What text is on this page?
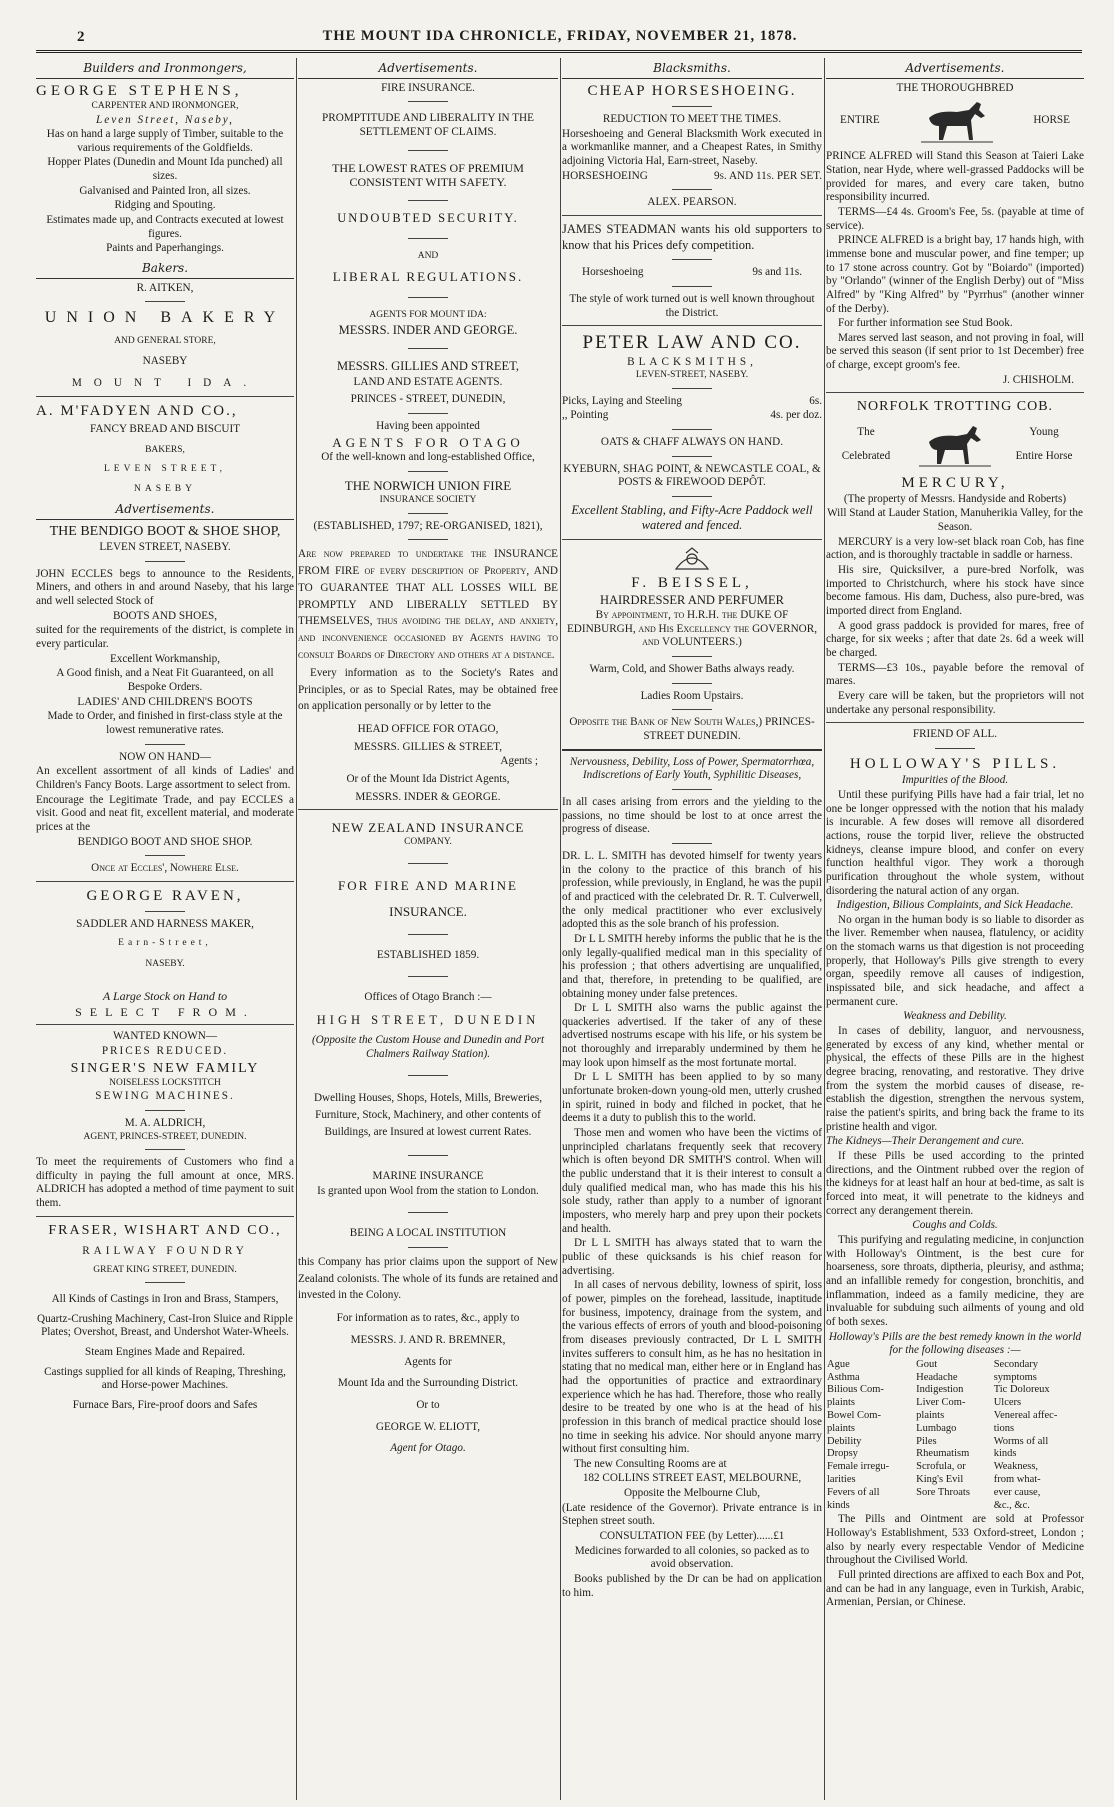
2	THE MOUNT IDA CHRONICLE, FRIDAY, NOVEMBER 21, 1878.
Builders and Ironmongers,

GEORGE STEPHENS,

CARPENTER AND IRONMONGER,

Leven Street, Naseby,

Has on hand a large supply of Timber, suitable to the various requirements of the Goldfields.

Hopper Plates (Dunedin and Mount Ida punched) all sizes.

Galvanised and Painted Iron, all sizes.

Ridging and Spouting.

Estimates made up, and Contracts executed at lowest figures.

Paints and Paperhangings.

Bakers.

R. AITKEN,

UNION BAKERY

AND GENERAL STORE,

NASEBY

MOUNT IDA.

A. M'FADYEN AND CO.,

FANCY BREAD AND BISCUIT

BAKERS,

LEVEN STREET,

NASEBY

Advertisements.

THE BENDIGO BOOT & SHOE SHOP,

LEVEN STREET, NASEBY.

JOHN ECCLES begs to announce to the Residents, Miners, and others in and around Naseby, that his large and well selected Stock of

BOOTS AND SHOES,

suited for the requirements of the district, is complete in every particular.

Excellent Workmanship,

A Good finish, and a Neat Fit Guaranteed, on all Bespoke Orders.

LADIES' AND CHILDREN'S BOOTS

Made to Order, and finished in first-class style at the lowest remunerative rates.

NOW ON HAND—

An excellent assortment of all kinds of Ladies' and Children's Fancy Boots. Large assortment to select from.

Encourage the Legitimate Trade, and pay ECCLES a visit. Good and neat fit, excellent material, and moderate prices at the

BENDIGO BOOT AND SHOE SHOP.

Once at Eccles', Nowhere Else.

GEORGE RAVEN,

SADDLER AND HARNESS MAKER,

Earn-Street,

NASEBY.

A Large Stock on Hand to

SELECT FROM.

WANTED KNOWN—

PRICES REDUCED.

SINGER'S NEW FAMILY

NOISELESS LOCKSTITCH

SEWING MACHINES.

M. A. ALDRICH,

AGENT, PRINCES-STREET, DUNEDIN.

To meet the requirements of Customers who find a difficulty in paying the full amount at once, MRS. ALDRICH has adopted a method of time payment to suit them.

FRASER, WISHART AND CO.,

RAILWAY FOUNDRY

GREAT KING STREET, DUNEDIN.

All Kinds of Castings in Iron and Brass, Stampers,

Quartz-Crushing Machinery, Cast-Iron Sluice and Ripple Plates; Overshot, Breast, and Undershot Water-Wheels.

Steam Engines Made and Repaired.

Castings supplied for all kinds of Reaping, Threshing, and Horse-power Machines.

Furnace Bars, Fire-proof doors and Safes

Advertisements.

FIRE INSURANCE.

PROMPTITUDE AND LIBERALITY IN THE SETTLEMENT OF CLAIMS.

THE LOWEST RATES OF PREMIUM CONSISTENT WITH SAFETY.

UNDOUBTED SECURITY.

AND

LIBERAL REGULATIONS.

AGENTS FOR MOUNT IDA:

MESSRS. INDER AND GEORGE.

MESSRS. GILLIES AND STREET,

LAND AND ESTATE AGENTS.

PRINCES - STREET, DUNEDIN,

Having been appointed

AGENTS FOR OTAGO

Of the well-known and long-established Office,

THE NORWICH UNION FIRE

INSURANCE SOCIETY

(ESTABLISHED, 1797; RE-ORGANISED, 1821),

Are now prepared to undertake the INSURANCE FROM FIRE of every description of Property, AND TO GUARANTEE THAT ALL LOSSES WILL BE PROMPTLY AND LIBERALLY SETTLED BY THEMSELVES, thus avoiding the delay, and anxiety, and inconvenience occasioned by Agents having to consult Boards of Directory and others at a distance.

Every information as to the Society's Rates and Principles, or as to Special Rates, may be obtained free on application personally or by letter to the

HEAD OFFICE FOR OTAGO,

MESSRS. GILLIES & STREET,

Agents ;

Or of the Mount Ida District Agents,

MESSRS. INDER & GEORGE.

NEW ZEALAND INSURANCE

COMPANY.

FOR FIRE AND MARINE

INSURANCE.

ESTABLISHED 1859.

Offices of Otago Branch :—

HIGH STREET, DUNEDIN

(Opposite the Custom House and Dunedin and Port Chalmers Railway Station).

Dwelling Houses, Shops, Hotels, Mills, Breweries, Furniture, Stock, Machinery, and other contents of Buildings, are Insured at lowest current Rates.

MARINE INSURANCE

Is granted upon Wool from the station to London.

BEING A LOCAL INSTITUTION

this Company has prior claims upon the support of New Zealand colonists. The whole of its funds are retained and invested in the Colony.

For information as to rates, &c., apply to

MESSRS. J. AND R. BREMNER,

Agents for

Mount Ida and the Surrounding District.

Or to

GEORGE W. ELIOTT,

Agent for Otago.

Blacksmiths.

CHEAP HORSESHOEING.

REDUCTION TO MEET THE TIMES.

Horseshoeing and General Blacksmith Work executed in a workmanlike manner, and a Cheapest Rates, in Smithy adjoining Victoria Hal, Earn-street, Naseby.

HORSESHOEING	9s. AND 11s. PER SET.

ALEX. PEARSON.

JAMES STEADMAN wants his old supporters to know that his Prices defy competition.

Horseshoeing	9s and 11s.

The style of work turned out is well known throughout the District.

PETER LAW AND CO.

BLACKSMITHS,

LEVEN-STREET, NASEBY.

Picks, Laying and Steeling	6s.

,, Pointing	4s. per doz.

OATS & CHAFF ALWAYS ON HAND.

KYEBURN, SHAG POINT, & NEWCASTLE COAL, & POSTS & FIREWOOD DEPÔT.

Excellent Stabling, and Fifty-Acre Paddock well watered and fenced.

F. BEISSEL,

HAIRDRESSER AND PERFUMER

By appointment, to H.R.H. the DUKE OF EDINBURGH, and His Excellency the GOVERNOR, and VOLUNTEERS.)

Warm, Cold, and Shower Baths always ready.

Ladies Room Upstairs.

Opposite the Bank of New South Wales,) PRINCES-STREET DUNEDIN.

Nervousness, Debility, Loss of Power, Spermatorrhœa, Indiscretions of Early Youth, Syphilitic Diseases,

In all cases arising from errors and the yielding to the passions, no time should be lost to at once arrest the progress of disease.

DR. L. L. SMITH has devoted himself for twenty years in the colony to the practice of this branch of his profession, while previously, in England, he was the pupil of and practiced with the celebrated Dr. R. T. Culverwell, the only medical practitioner who ever exclusively adopted this as the sole branch of his profession.

Dr L L SMITH hereby informs the public that he is the only legally-qualified medical man in this speciality of his profession ; that others advertising are unqualified, and that, therefore, in pretending to be qualified, are obtaining money under false pretences.

Dr L L SMITH also warns the public against the quackeries advertised. If the taker of any of these advertised nostrums escape with his life, or his system be not thoroughly and irreparably undermined by them he may look upon himself as the most fortunate mortal.

Dr L L SMITH has been applied to by so many unfortunate broken-down young-old men, utterly crushed in spirit, ruined in body and filched in pocket, that he deems it a duty to publish this to the world.

Those men and women who have been the victims of unprincipled charlatans frequently seek that recovery which is often beyond DR SMITH'S control. When will the public understand that it is their interest to consult a duly qualified medical man, who has made this his his sole study, rather than apply to a number of ignorant imposters, who merely harp and prey upon their pockets and health.

Dr L L SMITH has always stated that to warn the public of these quicksands is his chief reason for advertising.

In all cases of nervous debility, lowness of spirit, loss of power, pimples on the forehead, lassitude, inaptitude for business, impotency, drainage from the system, and the various effects of errors of youth and blood-poisoning from diseases previously contracted, Dr L L SMITH invites sufferers to consult him, as he has no hesitation in stating that no medical man, either here or in England has had the opportunities of practice and extraordinary experience which he has had. Therefore, those who really desire to be treated by one who is at the head of his profession in this branch of medical practice should lose no time in seeking his advice. Nor should anyone marry without first consulting him.

The new Consulting Rooms are at

182 COLLINS STREET EAST, MELBOURNE,

Opposite the Melbourne Club,

(Late residence of the Governor). Private entrance is in Stephen street south.

CONSULTATION FEE (by Letter)......£1

Medicines forwarded to all colonies, so packed as to avoid observation.

Books published by the Dr can be had on application to him.

Advertisements.

THE THOROUGHBRED

ENTIRE	HORSE

PRINCE ALFRED will Stand this Season at Taieri Lake Station, near Hyde, where well-grassed Paddocks will be provided for mares, and every care taken, butno responsibility incurred.

TERMS—£4 4s. Groom's Fee, 5s. (payable at time of service).

PRINCE ALFRED is a bright bay, 17 hands high, with immense bone and muscular power, and fine temper; up to 17 stone across country. Got by "Boiardo" (imported) by "Orlando" (winner of the English Derby) out of "Miss Alfred" by "King Alfred" by "Pyrrhus" (another winner of the Derby).

For further information see Stud Book.

Mares served last season, and not proving in foal, will be served this season (if sent prior to 1st December) free of charge, except groom's fee.

J. CHISHOLM.

NORFOLK TROTTING COB.

The

Celebrated

Young

Entire Horse

MERCURY,

(The property of Messrs. Handyside and Roberts)

Will Stand at Lauder Station, Manuherikia Valley, for the Season.

MERCURY is a very low-set black roan Cob, has fine action, and is thoroughly tractable in saddle or harness.

His sire, Quicksilver, a pure-bred Norfolk, was imported to Christchurch, where his stock have since become famous. His dam, Duchess, also pure-bred, was imported direct from England.

A good grass paddock is provided for mares, free of charge, for six weeks ; after that date 2s. 6d a week will be charged.

TERMS—£3 10s., payable before the removal of mares.

Every care will be taken, but the proprietors will not undertake any personal responsibility.

FRIEND OF ALL.

HOLLOWAY'S PILLS.

Impurities of the Blood.

Until these purifying Pills have had a fair trial, let no one be longer oppressed with the notion that his malady is incurable. A few doses will remove all disordered actions, rouse the torpid liver, relieve the obstructed kidneys, cleanse impure blood, and confer on every function healthful vigor. They work a thorough purification throughout the whole system, without disordering the natural action of any organ.

Indigestion, Bilious Complaints, and Sick Headache.

No organ in the human body is so liable to disorder as the liver. Remember when nausea, flatulency, or acidity on the stomach warns us that digestion is not proceeding properly, that Holloway's Pills give strength to every organ, speedily remove all causes of indigestion, inspissated bile, and sick headache, and affect a permanent cure.

Weakness and Debility.

In cases of debility, languor, and nervousness, generated by excess of any kind, whether mental or physical, the effects of these Pills are in the highest degree bracing, renovating, and restorative. They drive from the system the morbid causes of disease, re-establish the digestion, strengthen the nervous system, raise the patient's spirits, and bring back the frame to its pristine health and vigor.

The Kidneys—Their Derangement and cure.

If these Pills be used according to the printed directions, and the Ointment rubbed over the region of the kidneys for at least half an hour at bed-time, as salt is forced into meat, it will penetrate to the kidneys and correct any derangement therein.

Coughs and Colds.

This purifying and regulating medicine, in conjunction with Holloway's Ointment, is the best cure for hoarseness, sore throats, diptheria, pleurisy, and asthma; and an infallible remedy for congestion, bronchitis, and inflammation, indeed as a family medicine, they are invaluable for subduing such ailments of young and old of both sexes.

Holloway's Pills are the best remedy known in the world for the following diseases :—

Ague	Gout	Secondary
Asthma	Headache	symptoms
Bilious Com-	Indigestion	Tic Doloreux
plaints	Liver Com-	Ulcers
Bowel Com-	plaints	Venereal affec-
plaints	Lumbago	tions
Debility	Piles	Worms of all
Dropsy	Rheumatism	kinds
Female irregu-	Scrofula, or	Weakness,
larities	King's Evil	from what-
Fevers of all	Sore Throats	ever cause,
kinds		&c., &c.

The Pills and Ointment are sold at Professor Holloway's Establishment, 533 Oxford-street, London ; also by nearly every respectable Vendor of Medicine throughout the Civilised World.

Full printed directions are affixed to each Box and Pot, and can be had in any language, even in Turkish, Arabic, Armenian, Persian, or Chinese.
